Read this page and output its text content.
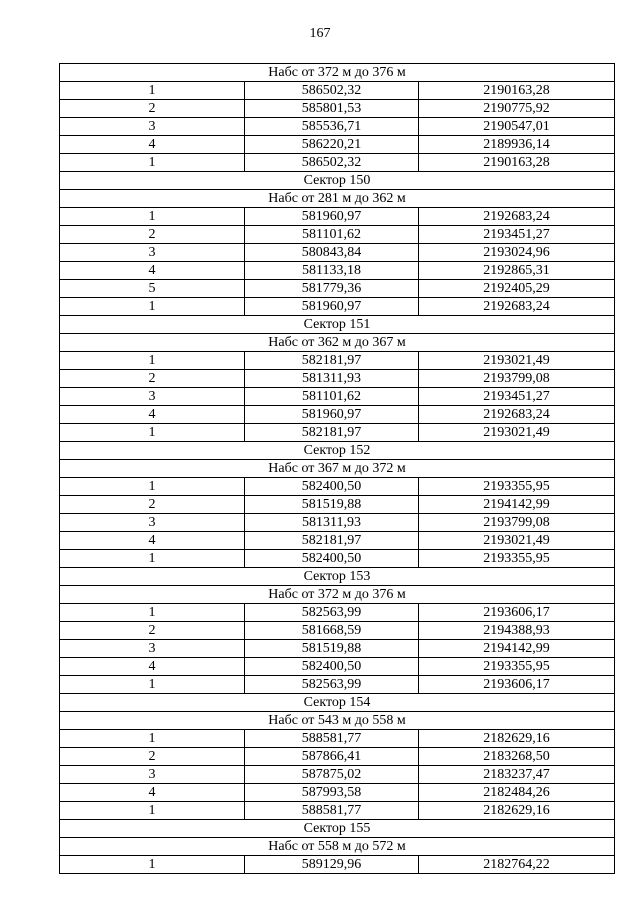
167
Набс от 372 м до 376 м		
1	586502,32	2190163,28
2	585801,53	2190775,92
3	585536,71	2190547,01
4	586220,21	2189936,14
1	586502,32	2190163,28
Сектор 150		
Набс от 281 м до 362 м		
1	581960,97	2192683,24
2	581101,62	2193451,27
3	580843,84	2193024,96
4	581133,18	2192865,31
5	581779,36	2192405,29
1	581960,97	2192683,24
Сектор 151		
Набс от 362 м до 367 м		
1	582181,97	2193021,49
2	581311,93	2193799,08
3	581101,62	2193451,27
4	581960,97	2192683,24
1	582181,97	2193021,49
Сектор 152		
Набс от 367 м до 372 м		
1	582400,50	2193355,95
2	581519,88	2194142,99
3	581311,93	2193799,08
4	582181,97	2193021,49
1	582400,50	2193355,95
Сектор 153		
Набс от 372 м до 376 м		
1	582563,99	2193606,17
2	581668,59	2194388,93
3	581519,88	2194142,99
4	582400,50	2193355,95
1	582563,99	2193606,17
Сектор 154		
Набс от 543 м до 558 м		
1	588581,77	2182629,16
2	587866,41	2183268,50
3	587875,02	2183237,47
4	587993,58	2182484,26
1	588581,77	2182629,16
Сектор 155		
Набс от 558 м до 572 м		
1	589129,96	2182764,22
